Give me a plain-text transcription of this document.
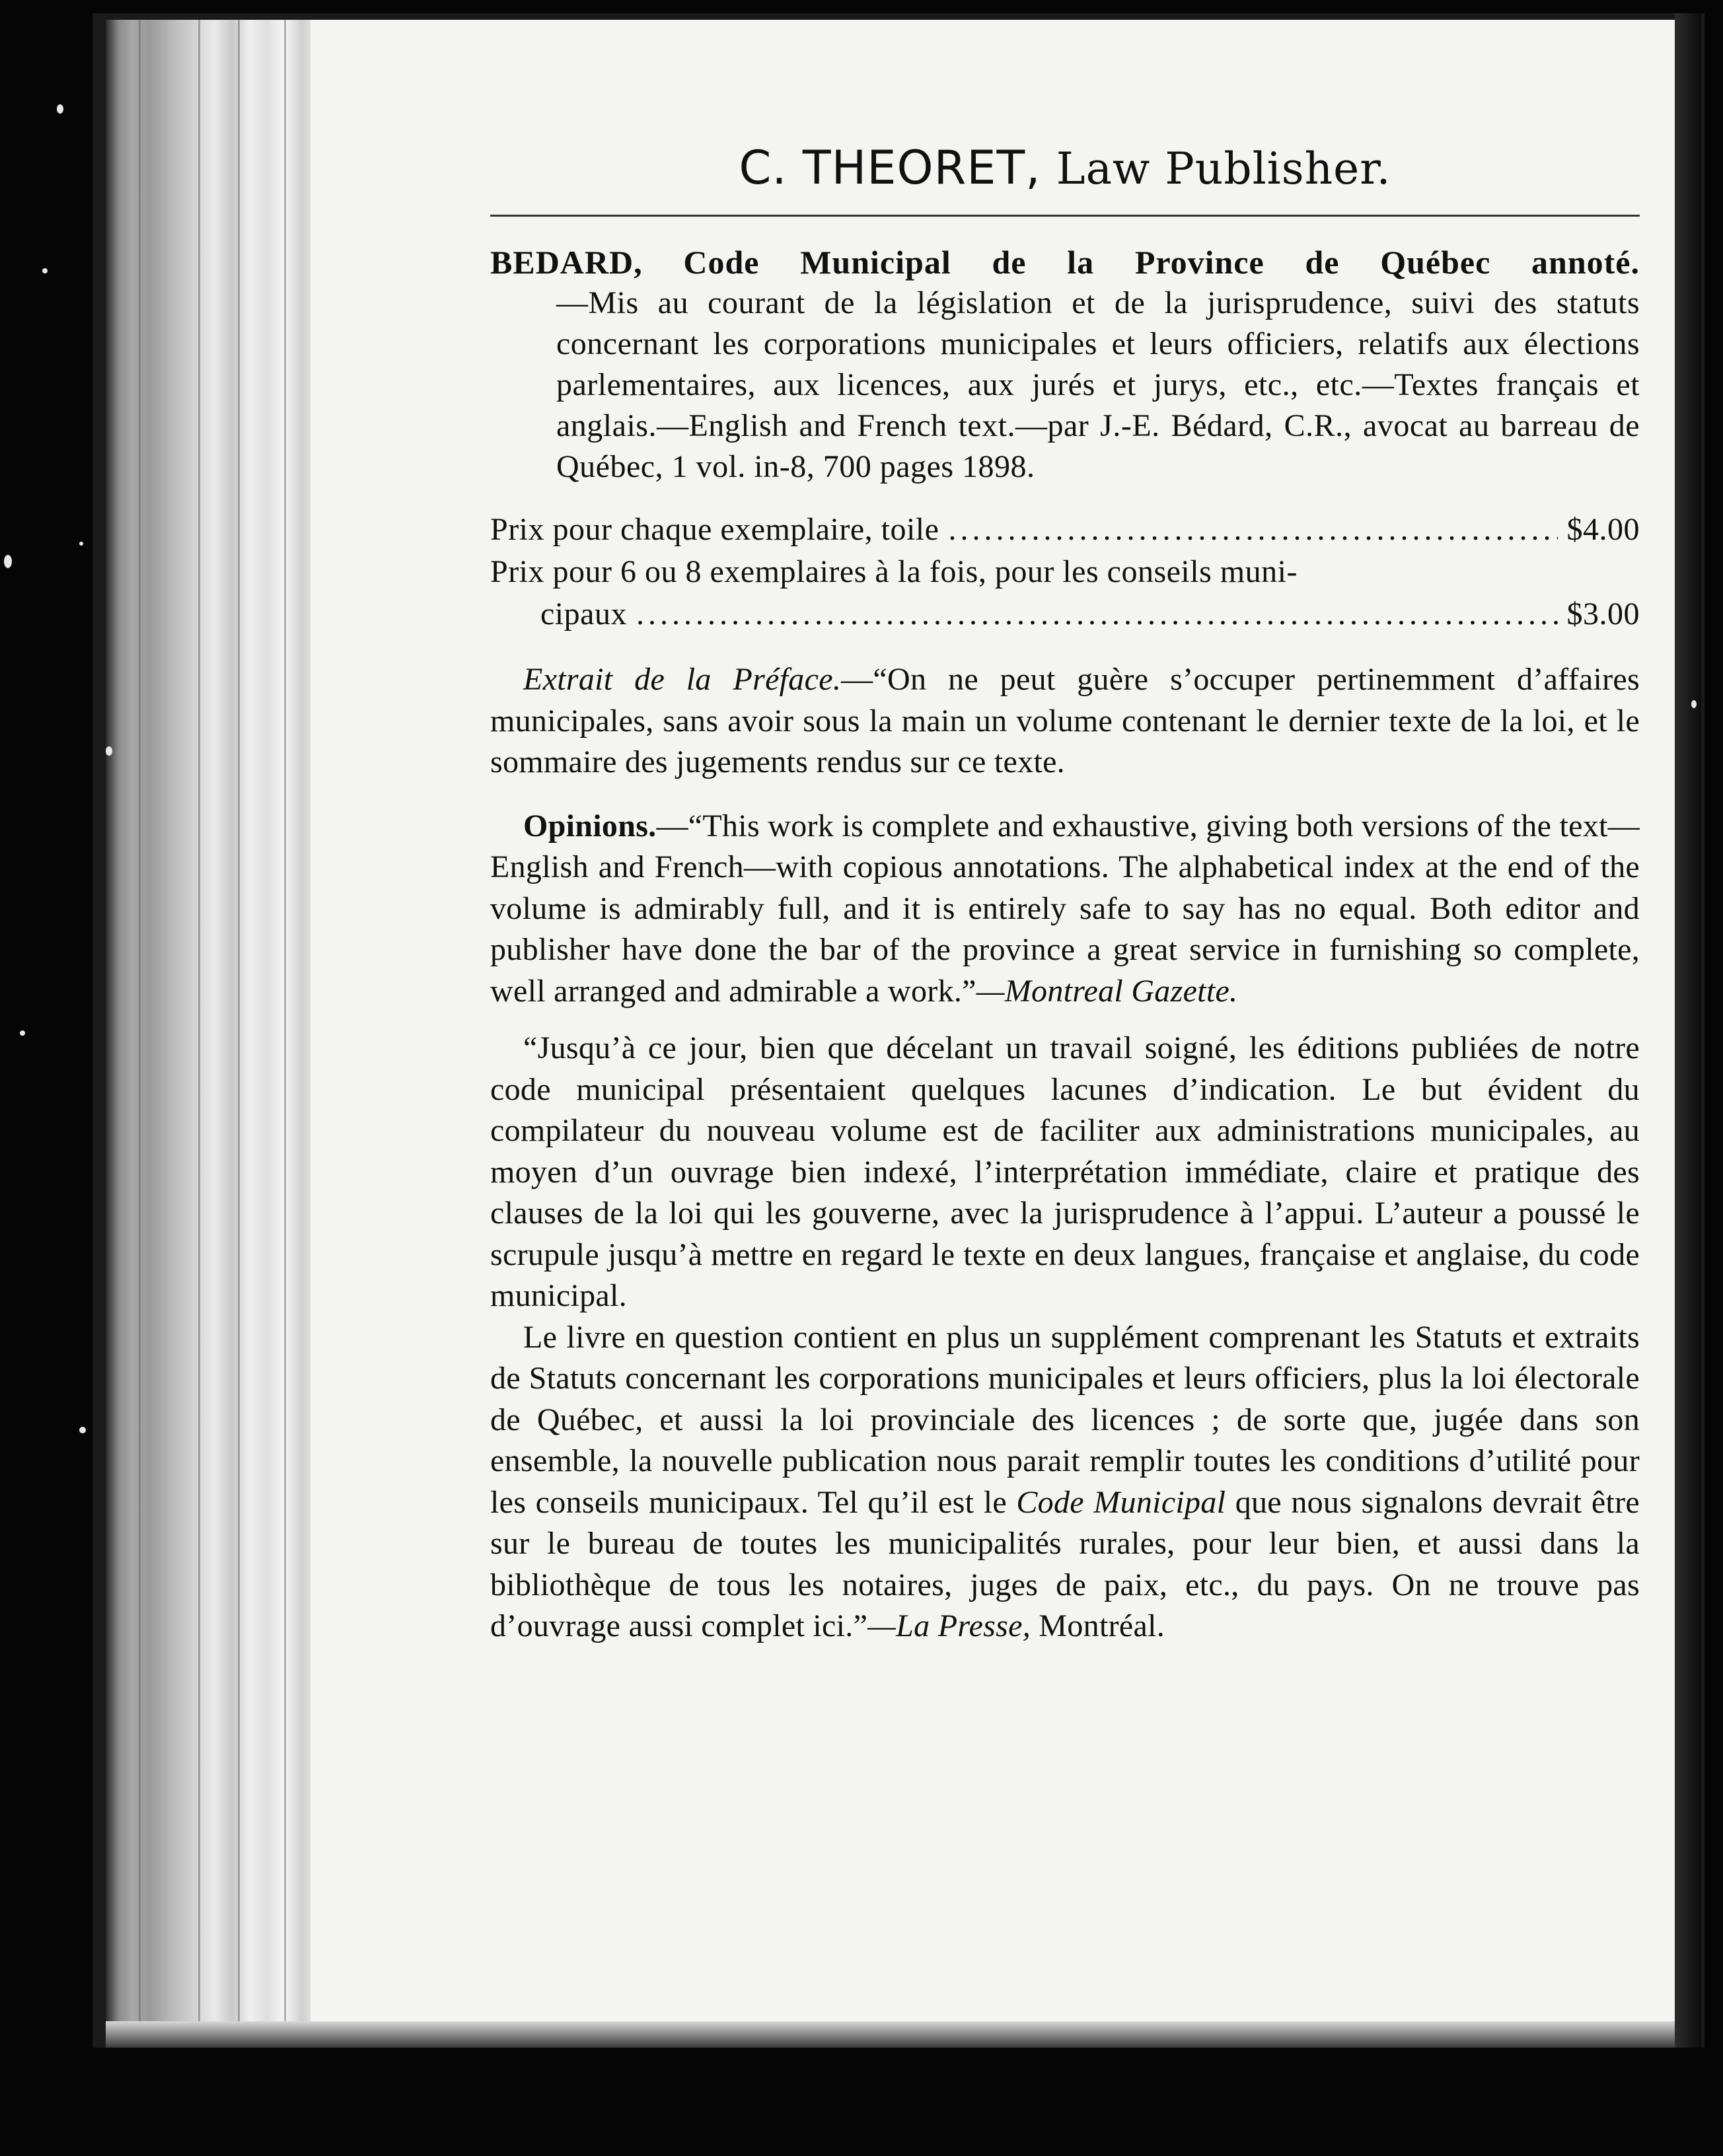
C. THEORET, Law Publisher.
BEDARD, Code Municipal de la Province de Québec annoté.
—Mis au courant de la législation et de la jurisprudence, suivi des statuts concernant les corporations municipales et leurs officiers, relatifs aux élections parlementaires, aux licences, aux jurés et jurys, etc., etc.—Textes français et anglais.—English and French text.—par J.-E. Bédard, C.R., avocat au barreau de Québec, 1 vol. in-8, 700 pages 1898.
Prix pour chaque exemplaire, toile .....	$4.00
Prix pour 6 ou 8 exemplaires à la fois, pour les conseils muni-
cipaux .....	$3.00

Extrait de la Préface.—“On ne peut guère s’occuper pertinemment d’affaires municipales, sans avoir sous la main un volume contenant le dernier texte de la loi, et le sommaire des jugements rendus sur ce texte.

Opinions.—“This work is complete and exhaustive, giving both versions of the text—English and French—with copious annotations. The alphabetical index at the end of the volume is admirably full, and it is entirely safe to say has no equal. Both editor and publisher have done the bar of the province a great service in furnishing so complete, well arranged and admirable a work.”—Montreal Gazette.

“Jusqu’à ce jour, bien que décelant un travail soigné, les éditions publiées de notre code municipal présentaient quelques lacunes d’indication. Le but évident du compilateur du nouveau volume est de faciliter aux administrations municipales, au moyen d’un ouvrage bien indexé, l’interprétation immédiate, claire et pratique des clauses de la loi qui les gouverne, avec la jurisprudence à l’appui. L’auteur a poussé le scrupule jusqu’à mettre en regard le texte en deux langues, française et anglaise, du code municipal.

Le livre en question contient en plus un supplément comprenant les Statuts et extraits de Statuts concernant les corporations municipales et leurs officiers, plus la loi électorale de Québec, et aussi la loi provinciale des licences ; de sorte que, jugée dans son ensemble, la nouvelle publication nous parait remplir toutes les conditions d’utilité pour les conseils municipaux. Tel qu’il est le Code Municipal que nous signalons devrait être sur le bureau de toutes les municipalités rurales, pour leur bien, et aussi dans la bibliothèque de tous les notaires, juges de paix, etc., du pays. On ne trouve pas d’ouvrage aussi complet ici.”—La Presse, Montréal.
